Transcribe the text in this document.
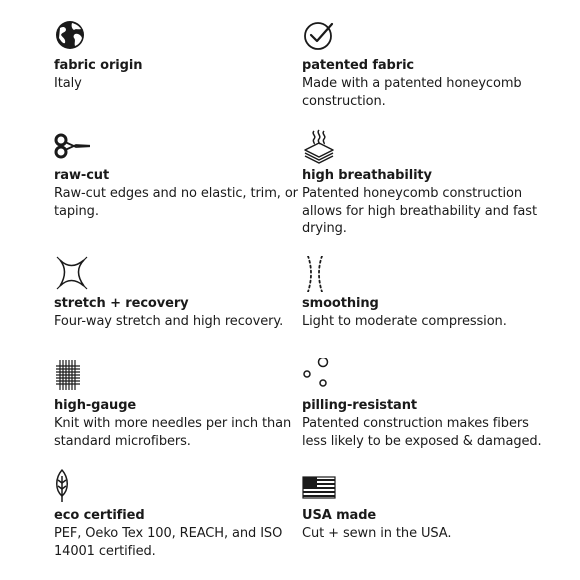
fabric origin
Italy
patented fabric
Made with a patented honeycomb construction.
raw-cut
Raw-cut edges and no elastic, trim, or taping.
high breathability
Patented honeycomb construction allows for high breathability and fast drying.
stretch + recovery
Four-way stretch and high recovery.
smoothing
Light to moderate compression.
high-gauge
Knit with more needles per inch than standard microfibers.
pilling-resistant
Patented construction makes fibers less likely to be exposed & damaged.
eco certified
PEF, Oeko Tex 100, REACH, and ISO 14001 certified.
USA made
Cut + sewn in the USA.
